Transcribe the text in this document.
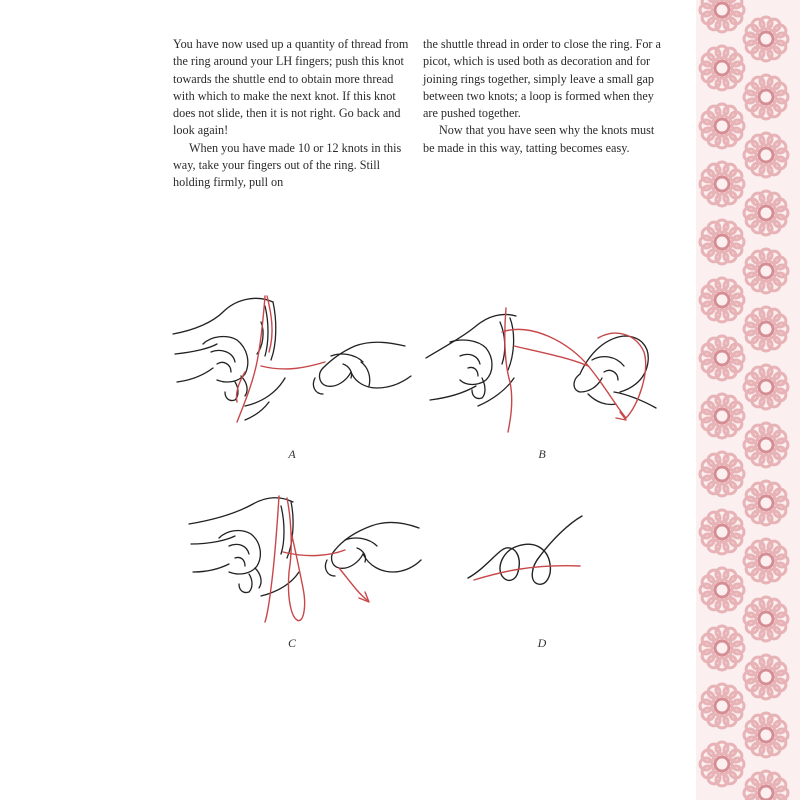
You have now used up a quantity of thread from the ring around your LH fingers; push this knot towards the shuttle end to obtain more thread with which to make the next knot. If this knot does not slide, then it is not right. Go back and look again!

When you have made 10 or 12 knots in this way, take your fingers out of the ring. Still holding firmly, pull on

the shuttle thread in order to close the ring. For a picot, which is used both as decoration and for joining rings together, simply leave a small gap between two knots; a loop is formed when they are pushed together.

Now that you have seen why the knots must be made in this way, tatting becomes easy.

A	B
C	D
